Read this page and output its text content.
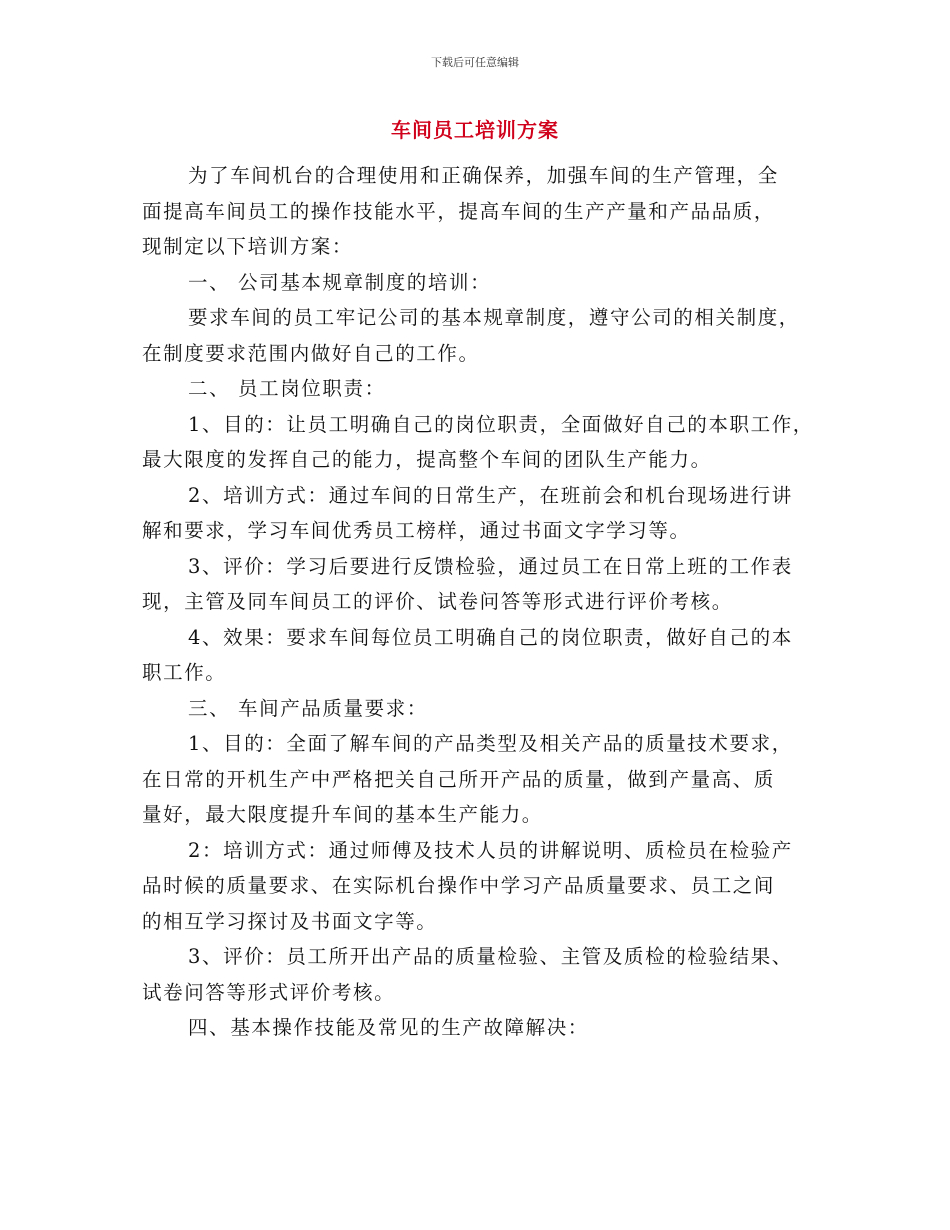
下载后可任意编辑
车间员工培训方案
为了车间机台的合理使用和正确保养，加强车间的生产管理，全
面提高车间员工的操作技能水平，提高车间的生产产量和产品品质，
现制定以下培训方案：
一、 公司基本规章制度的培训：
要求车间的员工牢记公司的基本规章制度，遵守公司的相关制度，
在制度要求范围内做好自己的工作。
二、 员工岗位职责：
1、目的：让员工明确自己的岗位职责，全面做好自己的本职工作，
最大限度的发挥自己的能力，提高整个车间的团队生产能力。
2、培训方式：通过车间的日常生产，在班前会和机台现场进行讲
解和要求，学习车间优秀员工榜样，通过书面文字学习等。
3、评价：学习后要进行反馈检验，通过员工在日常上班的工作表
现，主管及同车间员工的评价、试卷问答等形式进行评价考核。
4、效果：要求车间每位员工明确自己的岗位职责，做好自己的本
职工作。
三、 车间产品质量要求：
1、目的：全面了解车间的产品类型及相关产品的质量技术要求，
在日常的开机生产中严格把关自己所开产品的质量，做到产量高、质
量好，最大限度提升车间的基本生产能力。
2：培训方式：通过师傅及技术人员的讲解说明、质检员在检验产
品时候的质量要求、在实际机台操作中学习产品质量要求、员工之间
的相互学习探讨及书面文字等。
3、评价：员工所开出产品的质量检验、主管及质检的检验结果、
试卷问答等形式评价考核。
四、基本操作技能及常见的生产故障解决：
